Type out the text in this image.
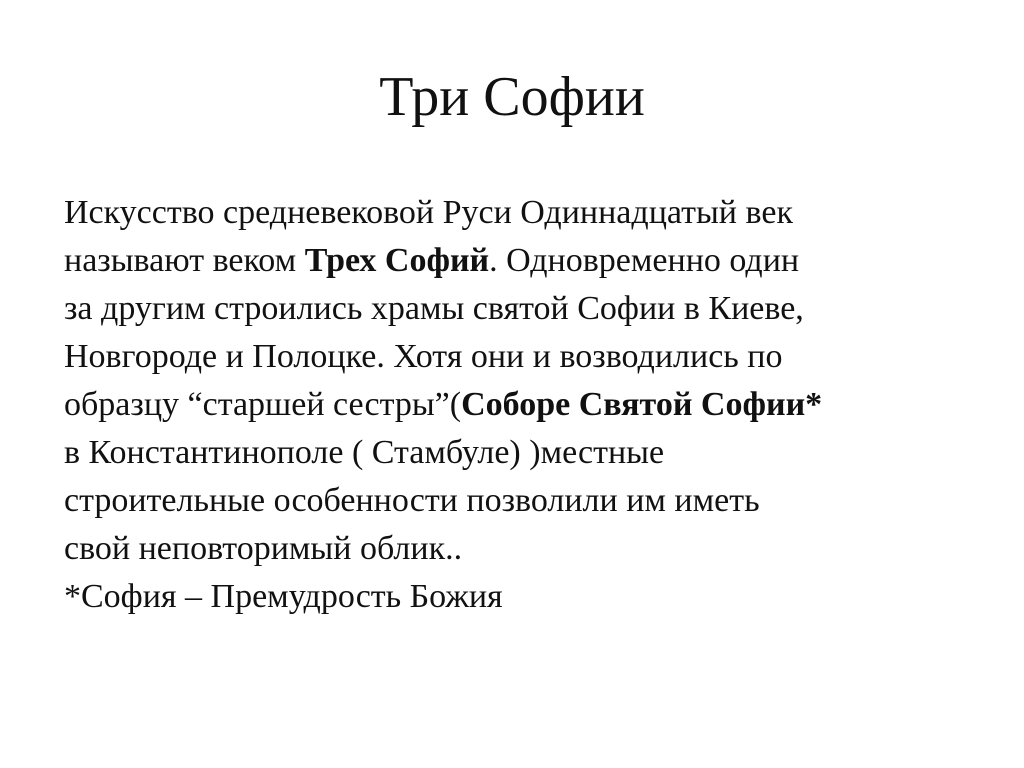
Три Софии
Искусство средневековой Руси Одиннадцатый век
называют веком Трех Софий. Одновременно один
за другим строились храмы святой Софии в Киеве,
Новгороде и Полоцке. Хотя они и возводились по
образцу “старшей сестры”(Соборе Святой Софии*
в Константинополе ( Стамбуле) )местные
строительные особенности позволили им иметь
свой неповторимый облик..
*София – Премудрость Божия
